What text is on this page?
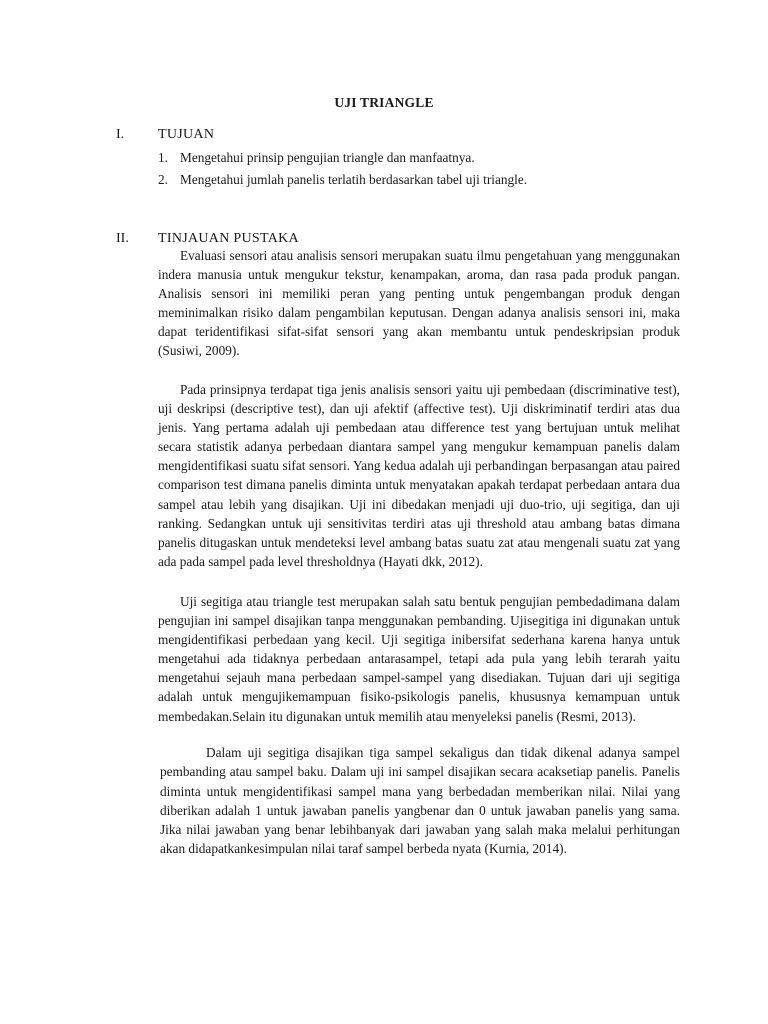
UJI TRIANGLE
I. TUJUAN
1. Mengetahui prinsip pengujian triangle dan manfaatnya.
2. Mengetahui jumlah panelis terlatih berdasarkan tabel uji triangle.
II. TINJAUAN PUSTAKA

Evaluasi sensori atau analisis sensori merupakan suatu ilmu pengetahuan yang menggunakan indera manusia untuk mengukur tekstur, kenampakan, aroma, dan rasa pada produk pangan. Analisis sensori ini memiliki peran yang penting untuk pengembangan produk dengan meminimalkan risiko dalam pengambilan keputusan. Dengan adanya analisis sensori ini, maka dapat teridentifikasi sifat-sifat sensori yang akan membantu untuk pendeskripsian produk (Susiwi, 2009).

Pada prinsipnya terdapat tiga jenis analisis sensori yaitu uji pembedaan (discriminative test), uji deskripsi (descriptive test), dan uji afektif (affective test). Uji diskriminatif terdiri atas dua jenis. Yang pertama adalah uji pembedaan atau difference test yang bertujuan untuk melihat secara statistik adanya perbedaan diantara sampel yang mengukur kemampuan panelis dalam mengidentifikasi suatu sifat sensori. Yang kedua adalah uji perbandingan berpasangan atau paired comparison test dimana panelis diminta untuk menyatakan apakah terdapat perbedaan antara dua sampel atau lebih yang disajikan. Uji ini dibedakan menjadi uji duo-trio, uji segitiga, dan uji ranking. Sedangkan untuk uji sensitivitas terdiri atas uji threshold atau ambang batas dimana panelis ditugaskan untuk mendeteksi level ambang batas suatu zat atau mengenali suatu zat yang ada pada sampel pada level thresholdnya (Hayati dkk, 2012).

Uji segitiga atau triangle test merupakan salah satu bentuk pengujian pembedadimana dalam pengujian ini sampel disajikan tanpa menggunakan pembanding. Ujisegitiga ini digunakan untuk mengidentifikasi perbedaan yang kecil. Uji segitiga inibersifat sederhana karena hanya untuk mengetahui ada tidaknya perbedaan antarasampel, tetapi ada pula yang lebih terarah yaitu mengetahui sejauh mana perbedaan sampel-sampel yang disediakan. Tujuan dari uji segitiga adalah untuk mengujikemampuan fisiko-psikologis panelis, khususnya kemampuan untuk membedakan.Selain itu digunakan untuk memilih atau menyeleksi panelis (Resmi, 2013).

Dalam uji segitiga disajikan tiga sampel sekaligus dan tidak dikenal adanya sampel pembanding atau sampel baku. Dalam uji ini sampel disajikan secara acaksetiap panelis. Panelis diminta untuk mengidentifikasi sampel mana yang berbedadan memberikan nilai. Nilai yang diberikan adalah 1 untuk jawaban panelis yangbenar dan 0 untuk jawaban panelis yang sama. Jika nilai jawaban yang benar lebihbanyak dari jawaban yang salah maka melalui perhitungan akan didapatkankesimpulan nilai taraf sampel berbeda nyata (Kurnia, 2014).
